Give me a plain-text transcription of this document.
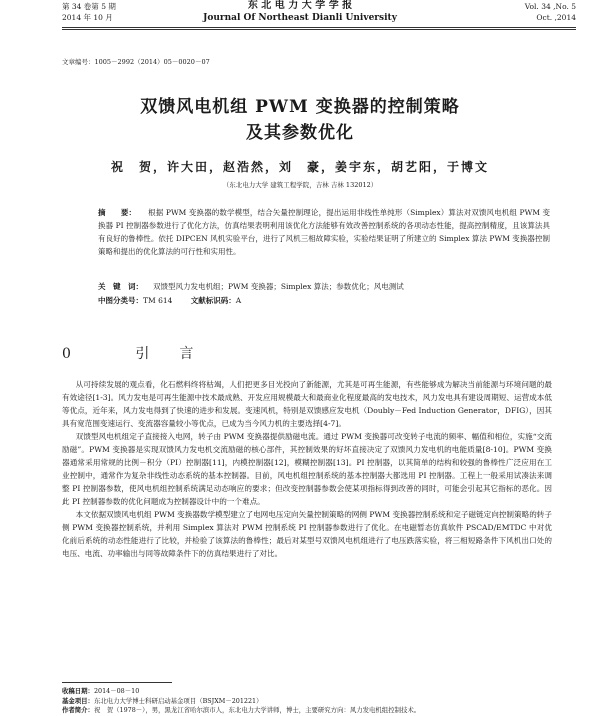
第 34 卷第 5 期
2014 年 10 月
东 北 电 力 大 学 学 报
Journal Of Northeast Dianli University
Vol. 34 ,No. 5
Oct. ,2014
文章编号：1005－2992（2014）05－0020－07
双馈风电机组 PWM 变换器的控制策略
及其参数优化
祝　贺，许大田，赵浩然，刘　豪，姜宇东，胡艺阳，于博文
（东北电力大学 建筑工程学院，吉林 吉林 132012）
摘　　要： 根据 PWM 变换器的数学模型，结合矢量控制理论，提出运用非线性单纯形（Simplex）算法对双馈风电机组 PWM 变换器 PI 控制器参数进行了优化方法，仿真结果表明利用该优化方法能够有效改善控制系统的各项动态性能，提高控制精度，且该算法具有良好的鲁棒性。依托 DIPCEN 风机实验平台，进行了风机三相故障实验，实验结果证明了所建立的 Simplex 算法 PWM 变换器控制策略和提出的优化算法的可行性和实用性。
关　键　词： 双馈型风力发电机组；PWM 变换器；Simplex 算法；参数优化；风电测试
中图分类号：TM 614 文献标识码：A
0 引言

从可持续发展的观点看，化石燃料终将枯竭，人们把更多目光投向了新能源，尤其是可再生能源，有些能够成为解决当前能源与环境问题的最有效途径[1-3]。风力发电是可再生能源中技术最成熟、开发应用规模最大和最商业化程度最高的发电技术，风力发电具有建设周期短、运营成本低等优点，近年来，风力发电得到了快速的进步和发展。变速风机，特别是双馈感应发电机（Doubly－Fed Induction Generator，DFIG），因其具有宽范围变速运行、变流器容量较小等优点，已成为当今风力机的主要选择[4-7]。

双馈型风电机组定子直接接入电网，转子由 PWM 变换器提供励磁电流。通过 PWM 变换器可改变转子电流的频率、幅值和相位，实施“交流励磁”。PWM 变换器是实现双馈风力发电机交流励磁的核心部件，其控制效果的好坏直接决定了双馈风力发电机的电能质量[8-10]。PWM 变换器通常采用常规的比例－积分（PI）控制器[11]，内模控制器[12]，模糊控制器[13]。PI 控制器，以其简单的结构和较强的鲁棒性广泛应用在工业控制中，通常作为复杂非线性动态系统的基本控制器。目前，风电机组控制系统的基本控制器大都选用 PI 控制器。工程上一般采用试凑法来调整 PI 控制器参数，使风电机组控制系统满足动态响应的要求；但改变控制器参数会使某项指标得到改善的同时，可能会引起其它指标的恶化。因此 PI 控制器参数的优化问题成为控制器设计中的一个难点。

本文依据双馈风电机组 PWM 变换器数学模型建立了电网电压定向矢量控制策略的网侧 PWM 变换器控制系统和定子磁链定向控制策略的转子侧 PWM 变换器控制系统，并利用 Simplex 算法对 PWM 控制系统 PI 控制器参数进行了优化。在电磁暂态仿真软件 PSCAD/EMTDC 中对优化前后系统的动态性能进行了比较，并检验了该算法的鲁棒性；最后对某型号双馈风电机组进行了电压跌落实验，将三相短路条件下风机出口处的电压、电流、功率输出与同等故障条件下的仿真结果进行了对比。

收稿日期：2014－08－10
基金项目：东北电力大学博士科研启动基金项目（BSJXM－201221）
作者简介：祝　贺（1978－），男，黑龙江省哈尔滨市人，东北电力大学讲师，博士，主要研究方向：风力发电机组控制技术。
